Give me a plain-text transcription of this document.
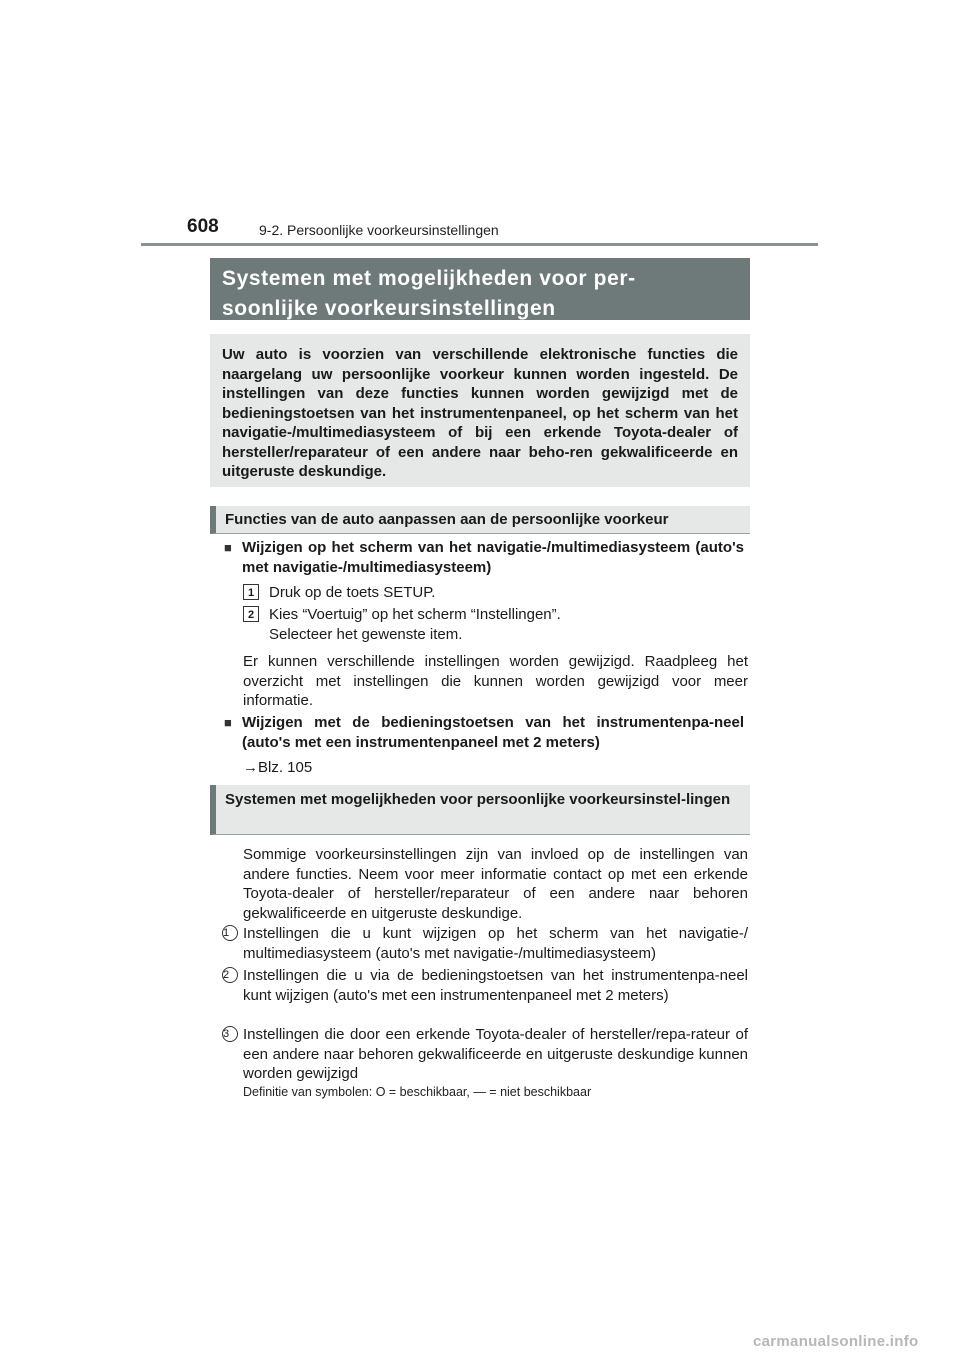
608	9-2. Persoonlijke voorkeursinstellingen
Systemen met mogelijkheden voor per-
soonlijke voorkeursinstellingen
Uw auto is voorzien van verschillende elektronische functies die naargelang uw persoonlijke voorkeur kunnen worden ingesteld. De instellingen van deze functies kunnen worden gewijzigd met de bedieningstoetsen van het instrumentenpaneel, op het scherm van het navigatie-/multimediasysteem of bij een erkende Toyota-dealer of hersteller/reparateur of een andere naar beho-ren gekwalificeerde en uitgeruste deskundige.
Functies van de auto aanpassen aan de persoonlijke voorkeur
■ Wijzigen op het scherm van het navigatie-/multimediasysteem (auto's met navigatie-/multimediasysteem)
1 Druk op de toets SETUP.
2 Kies “Voertuig” op het scherm “Instellingen”.
Selecteer het gewenste item.
Er kunnen verschillende instellingen worden gewijzigd. Raadpleeg het overzicht met instellingen die kunnen worden gewijzigd voor meer informatie.
■ Wijzigen met de bedieningstoetsen van het instrumentenpa-neel (auto's met een instrumentenpaneel met 2 meters)
→Blz. 105
Systemen met mogelijkheden voor persoonlijke voorkeursinstel-lingen
Sommige voorkeursinstellingen zijn van invloed op de instellingen van andere functies. Neem voor meer informatie contact op met een erkende Toyota-dealer of hersteller/reparateur of een andere naar behoren gekwalificeerde en uitgeruste deskundige.
1 Instellingen die u kunt wijzigen op het scherm van het navigatie-/ multimediasysteem (auto's met navigatie-/multimediasysteem)
2 Instellingen die u via de bedieningstoetsen van het instrumentenpa-neel kunt wijzigen (auto's met een instrumentenpaneel met 2 meters)
3 Instellingen die door een erkende Toyota-dealer of hersteller/repa-rateur of een andere naar behoren gekwalificeerde en uitgeruste deskundige kunnen worden gewijzigd
Definitie van symbolen: O = beschikbaar, — = niet beschikbaar
carmanualsonline.info
